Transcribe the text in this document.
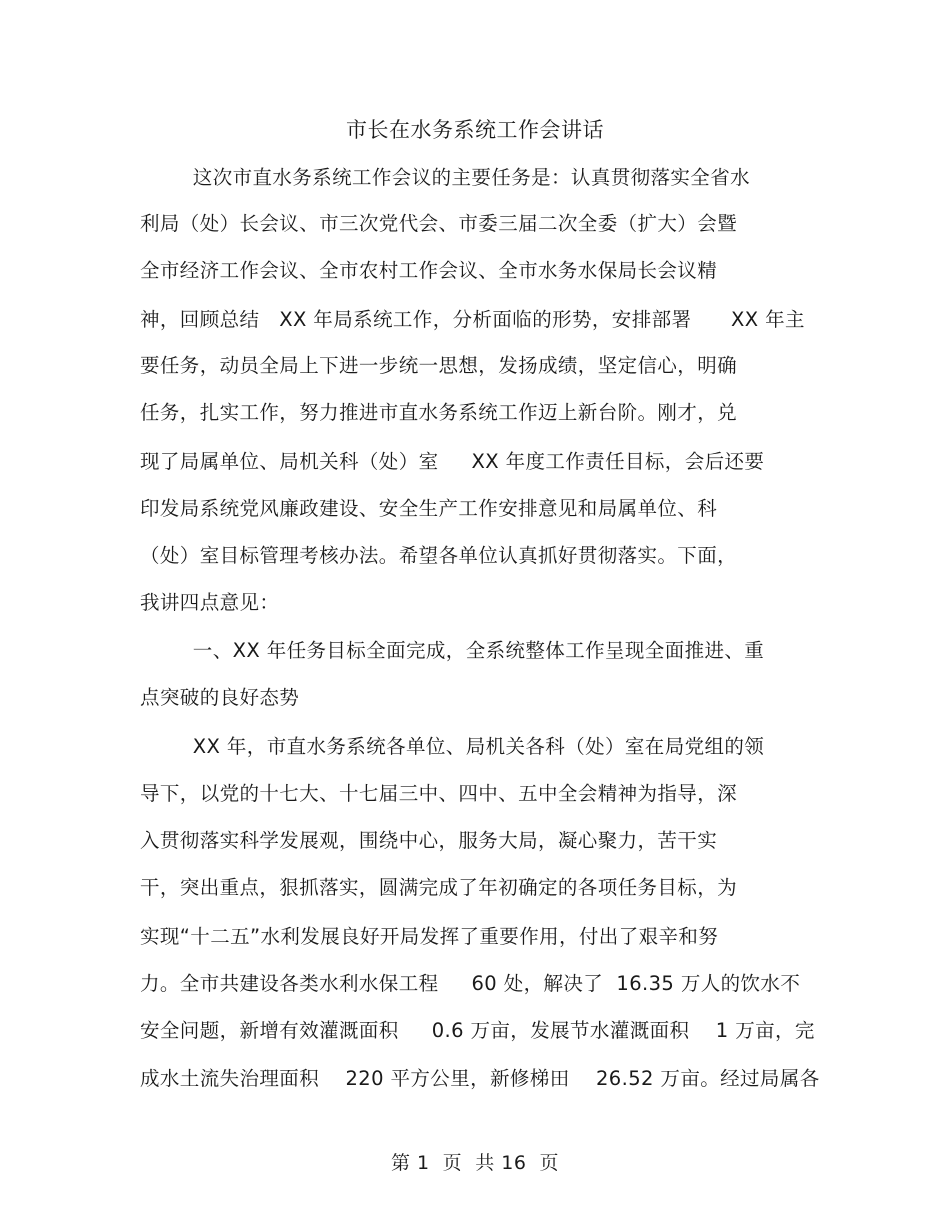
市长在水务系统工作会讲话
这次市直水务系统工作会议的主要任务是：认真贯彻落实全省水
利局（处）长会议、市三次党代会、市委三届二次全委（扩大）会暨
全市经济工作会议、全市农村工作会议、全市水务水保局长会议精
神，回顾总结   XX 年局系统工作，分析面临的形势，安排部署      XX 年主
要任务，动员全局上下进一步统一思想，发扬成绩，坚定信心，明确
任务，扎实工作，努力推进市直水务系统工作迈上新台阶。刚才，兑
现了局属单位、局机关科（处）室     XX 年度工作责任目标，会后还要
印发局系统党风廉政建设、安全生产工作安排意见和局属单位、科
（处）室目标管理考核办法。希望各单位认真抓好贯彻落实。下面，
我讲四点意见：
一、XX 年任务目标全面完成，全系统整体工作呈现全面推进、重
点突破的良好态势
XX 年，市直水务系统各单位、局机关各科（处）室在局党组的领
导下，以党的十七大、十七届三中、四中、五中全会精神为指导，深
入贯彻落实科学发展观，围绕中心，服务大局，凝心聚力，苦干实
干，突出重点，狠抓落实，圆满完成了年初确定的各项任务目标，为
实现“十二五”水利发展良好开局发挥了重要作用，付出了艰辛和努
力。全市共建设各类水利水保工程     60 处，解决了  16.35 万人的饮水不
安全问题，新增有效灌溉面积     0.6 万亩，发展节水灌溉面积    1 万亩，完
成水土流失治理面积    220 平方公里，新修梯田    26.52 万亩。经过局属各
第 1  页  共 16  页
